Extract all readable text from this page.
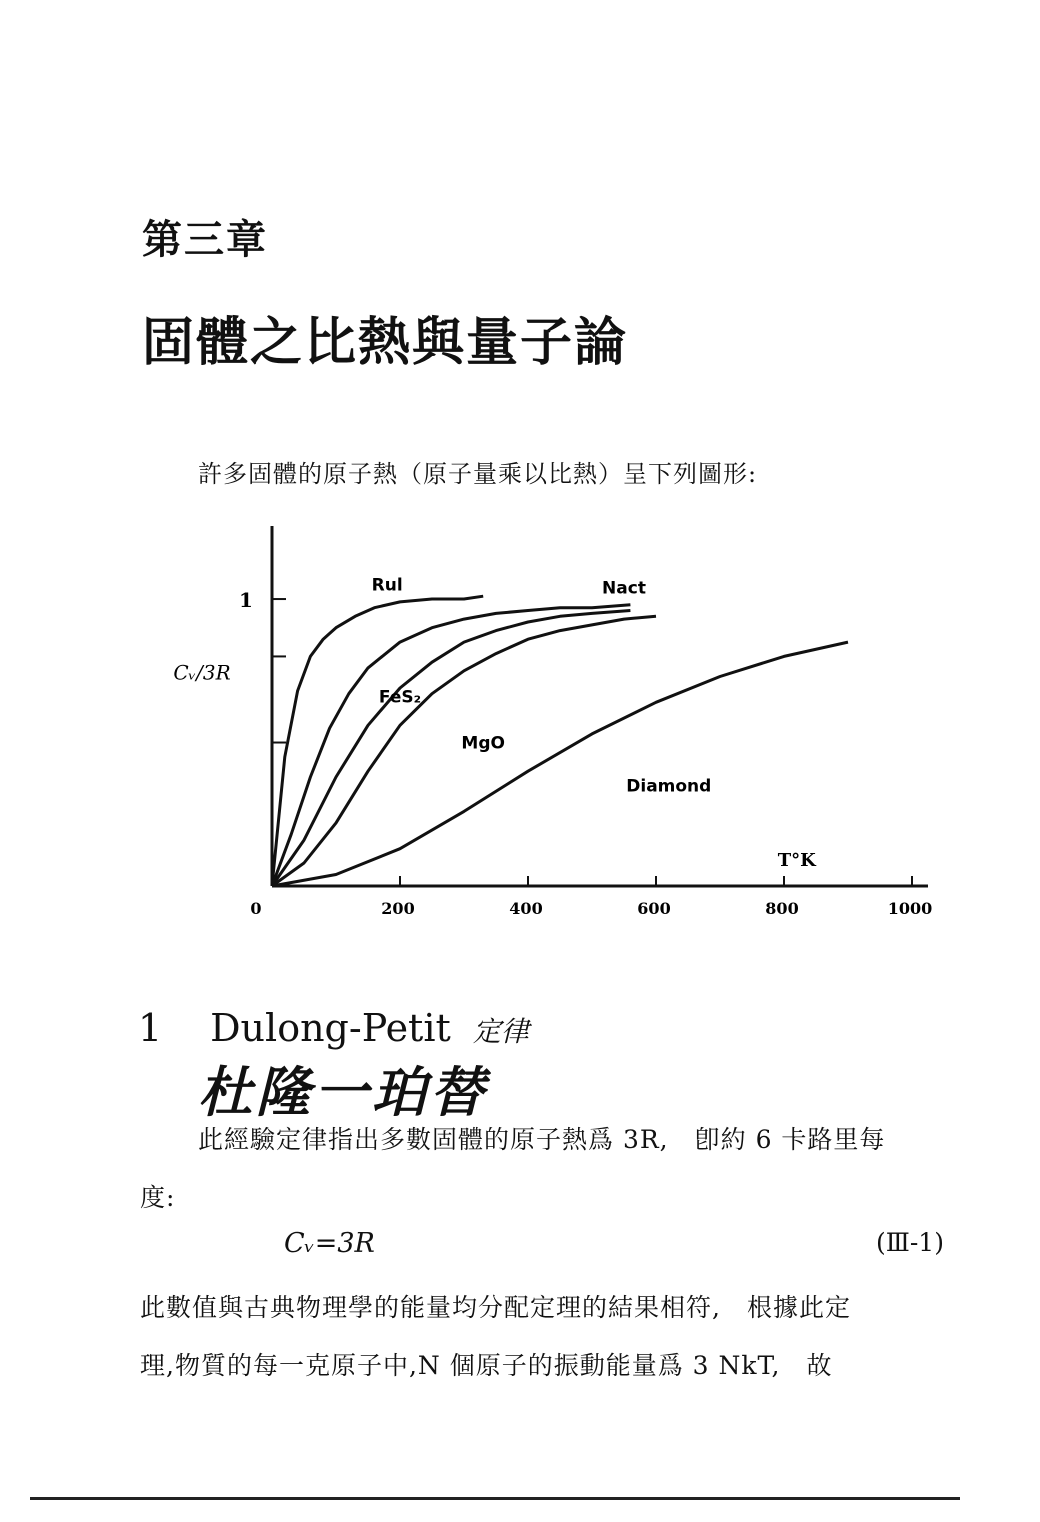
第三章
固體之比熱與量子論
許多固體的原子熱（原子量乘以比熱）呈下列圖形:
0	200	400	600	800	1000
1
Cᵥ/3R
T°K
Rul	Nact
FeS₂
MgO
Diamond
1 Dulong-Petit 定律
杜隆一珀替
此經驗定律指出多數固體的原子熱爲 3R,　卽約 6 卡路里每
度:
Cᵥ=3R	(Ⅲ-1)
此數值與古典物理學的能量均分配定理的結果相符,　根據此定
理,物質的每一克原子中,N 個原子的振動能量爲 3 NkT,　故
